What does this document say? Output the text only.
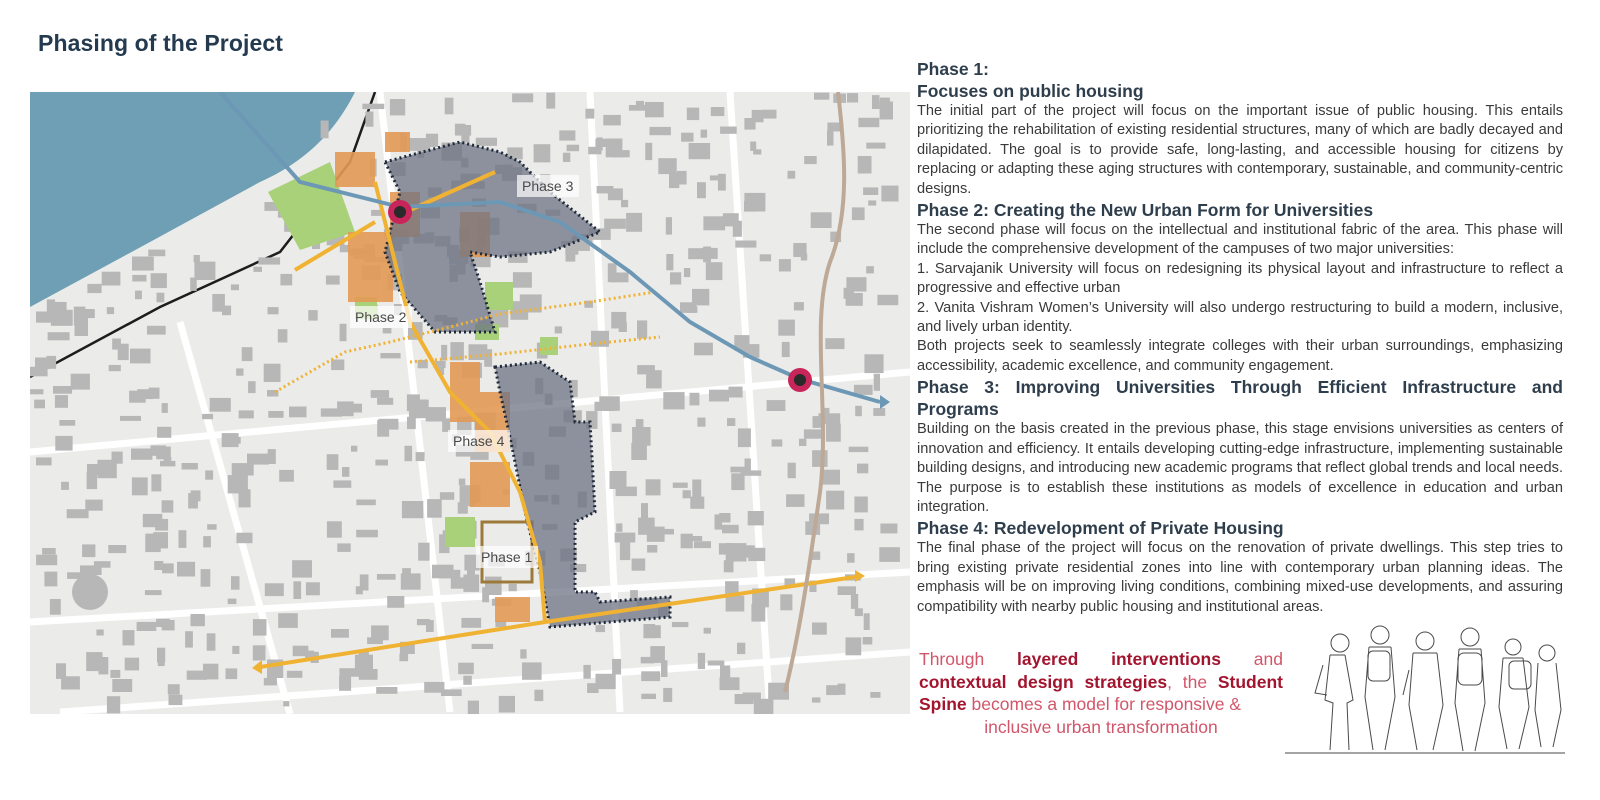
Phasing of the Project
Phase 3
Phase 2
Phase 4
Phase 1
Phase 1:
Focuses on public housing

The initial part of the project will focus on the important issue of public housing. This entails prioritizing the rehabilitation of existing residential structures, many of which are badly decayed and dilapidated. The goal is to provide safe, long-lasting, and accessible housing for citizens by replacing or adapting these aging structures with contemporary, sustainable, and community-centric designs.

Phase 2: Creating the New Urban Form for Universities

The second phase will focus on the intellectual and institutional fabric of the area. This phase will include the comprehensive development of the campuses of two major universities:

1. Sarvajanik University will focus on redesigning its physical layout and infrastructure to reflect a progressive and effective urban

2. Vanita Vishram Women’s University will also undergo restructuring to build a modern, inclusive, and lively urban identity.

Both projects seek to seamlessly integrate colleges with their urban surroundings, emphasizing accessibility, academic excellence, and community engagement.

Phase 3: Improving Universities Through Efficient Infrastructure and Programs

Building on the basis created in the previous phase, this stage envisions universities as centers of innovation and efficiency. It entails developing cutting-edge infrastructure, implementing sustainable building designs, and introducing new academic programs that reflect global trends and local needs. The purpose is to establish these institutions as models of excellence in education and urban integration.

Phase 4: Redevelopment of Private Housing

The final phase of the project will focus on the renovation of private dwellings. This step tries to bring existing private residential zones into line with contemporary urban planning ideas. The emphasis will be on improving living conditions, combining mixed-use developments, and assuring compatibility with nearby public housing and institutional areas.

Through layered interventions and contextual design strategies, the Student Spine becomes a model for responsive &
inclusive urban transformation
